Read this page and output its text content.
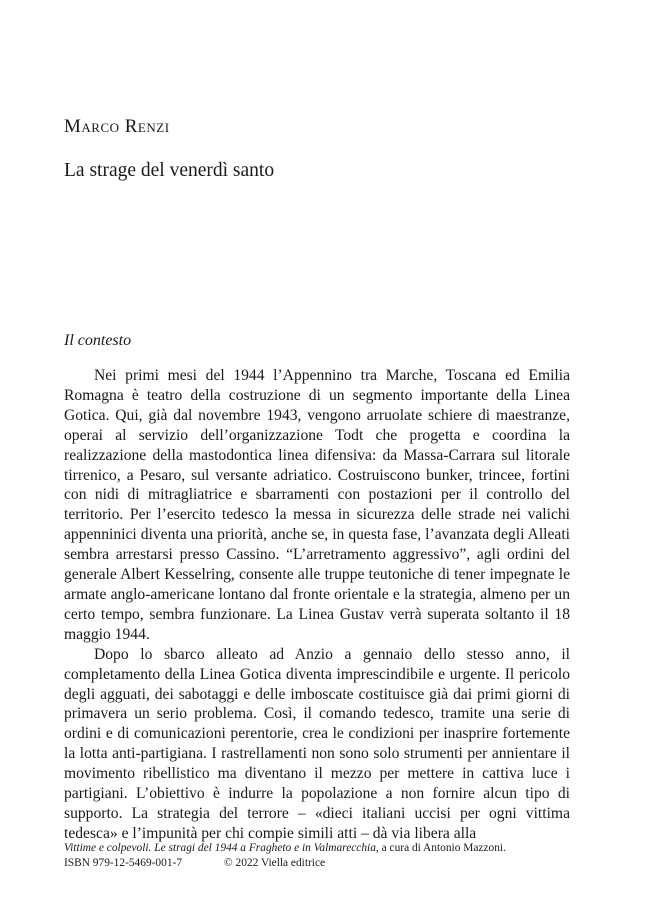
Marco Renzi
La strage del venerdì santo
Il contesto

Nei primi mesi del 1944 l’Appennino tra Marche, Toscana ed Emilia Romagna è teatro della costruzione di un segmento importante della Linea Gotica. Qui, già dal novembre 1943, vengono arruolate schiere di maestranze, operai al servizio dell’organizzazione Todt che progetta e coordina la realizzazione della mastodontica linea difensiva: da Massa-Carrara sul litorale tirrenico, a Pesaro, sul versante adriatico. Costruiscono bunker, trincee, fortini con nidi di mitragliatrice e sbarramenti con postazioni per il controllo del territorio. Per l’esercito tedesco la messa in sicurezza delle strade nei valichi appenninici diventa una priorità, anche se, in questa fase, l’avanzata degli Alleati sembra arrestarsi presso Cassino. “L’arretramento aggressivo”, agli ordini del generale Albert Kesselring, consente alle truppe teutoniche di tener impegnate le armate anglo-americane lontano dal fronte orientale e la strategia, almeno per un certo tempo, sembra funzionare. La Linea Gustav verrà superata soltanto il 18 maggio 1944.

Dopo lo sbarco alleato ad Anzio a gennaio dello stesso anno, il completamento della Linea Gotica diventa imprescindibile e urgente. Il pericolo degli agguati, dei sabotaggi e delle imboscate costituisce già dai primi giorni di primavera un serio problema. Così, il comando tedesco, tramite una serie di ordini e di comunicazioni perentorie, crea le condizioni per inasprire fortemente la lotta anti-partigiana. I rastrellamenti non sono solo strumenti per annientare il movimento ribellistico ma diventano il mezzo per mettere in cattiva luce i partigiani. L’obiettivo è indurre la popolazione a non fornire alcun tipo di supporto. La strategia del terrore – «dieci italiani uccisi per ogni vittima tedesca» e l’impunità per chi compie simili atti – dà via libera alla

Vittime e colpevoli. Le stragi del 1944 a Fragheto e in Valmarecchia, a cura di Antonio Mazzoni.
ISBN 979-12-5469-001-7	© 2022 Viella editrice
